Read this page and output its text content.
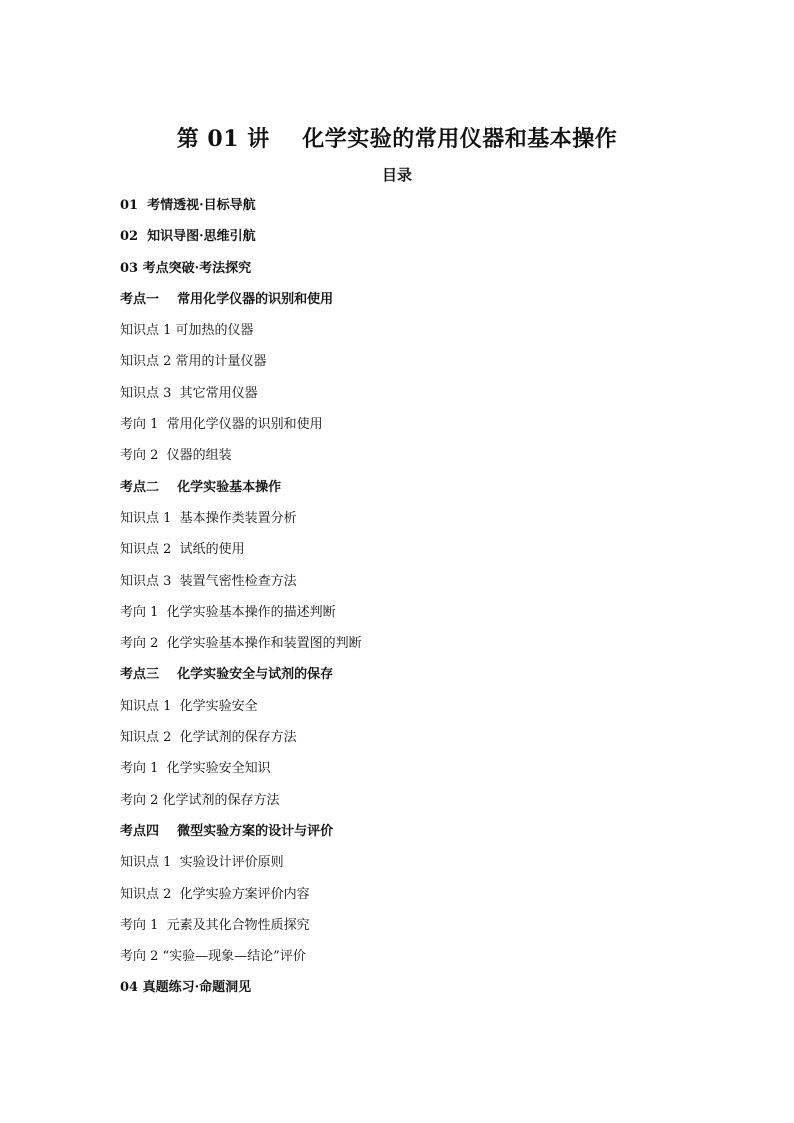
第 01 讲    化学实验的常用仪器和基本操作
目录
01  考情透视·目标导航
02  知识导图·思维引航
03 考点突破·考法探究
考点一    常用化学仪器的识别和使用
知识点 1 可加热的仪器
知识点 2 常用的计量仪器
知识点 3  其它常用仪器
考向 1  常用化学仪器的识别和使用
考向 2  仪器的组装
考点二    化学实验基本操作
知识点 1  基本操作类装置分析
知识点 2  试纸的使用
知识点 3  装置气密性检查方法
考向 1  化学实验基本操作的描述判断
考向 2  化学实验基本操作和装置图的判断
考点三    化学实验安全与试剂的保存
知识点 1  化学实验安全
知识点 2  化学试剂的保存方法
考向 1  化学实验安全知识
考向 2 化学试剂的保存方法
考点四    微型实验方案的设计与评价
知识点 1  实验设计评价原则
知识点 2  化学实验方案评价内容
考向 1  元素及其化合物性质探究
考向 2 “实验—现象—结论”评价
04 真题练习·命题洞见
